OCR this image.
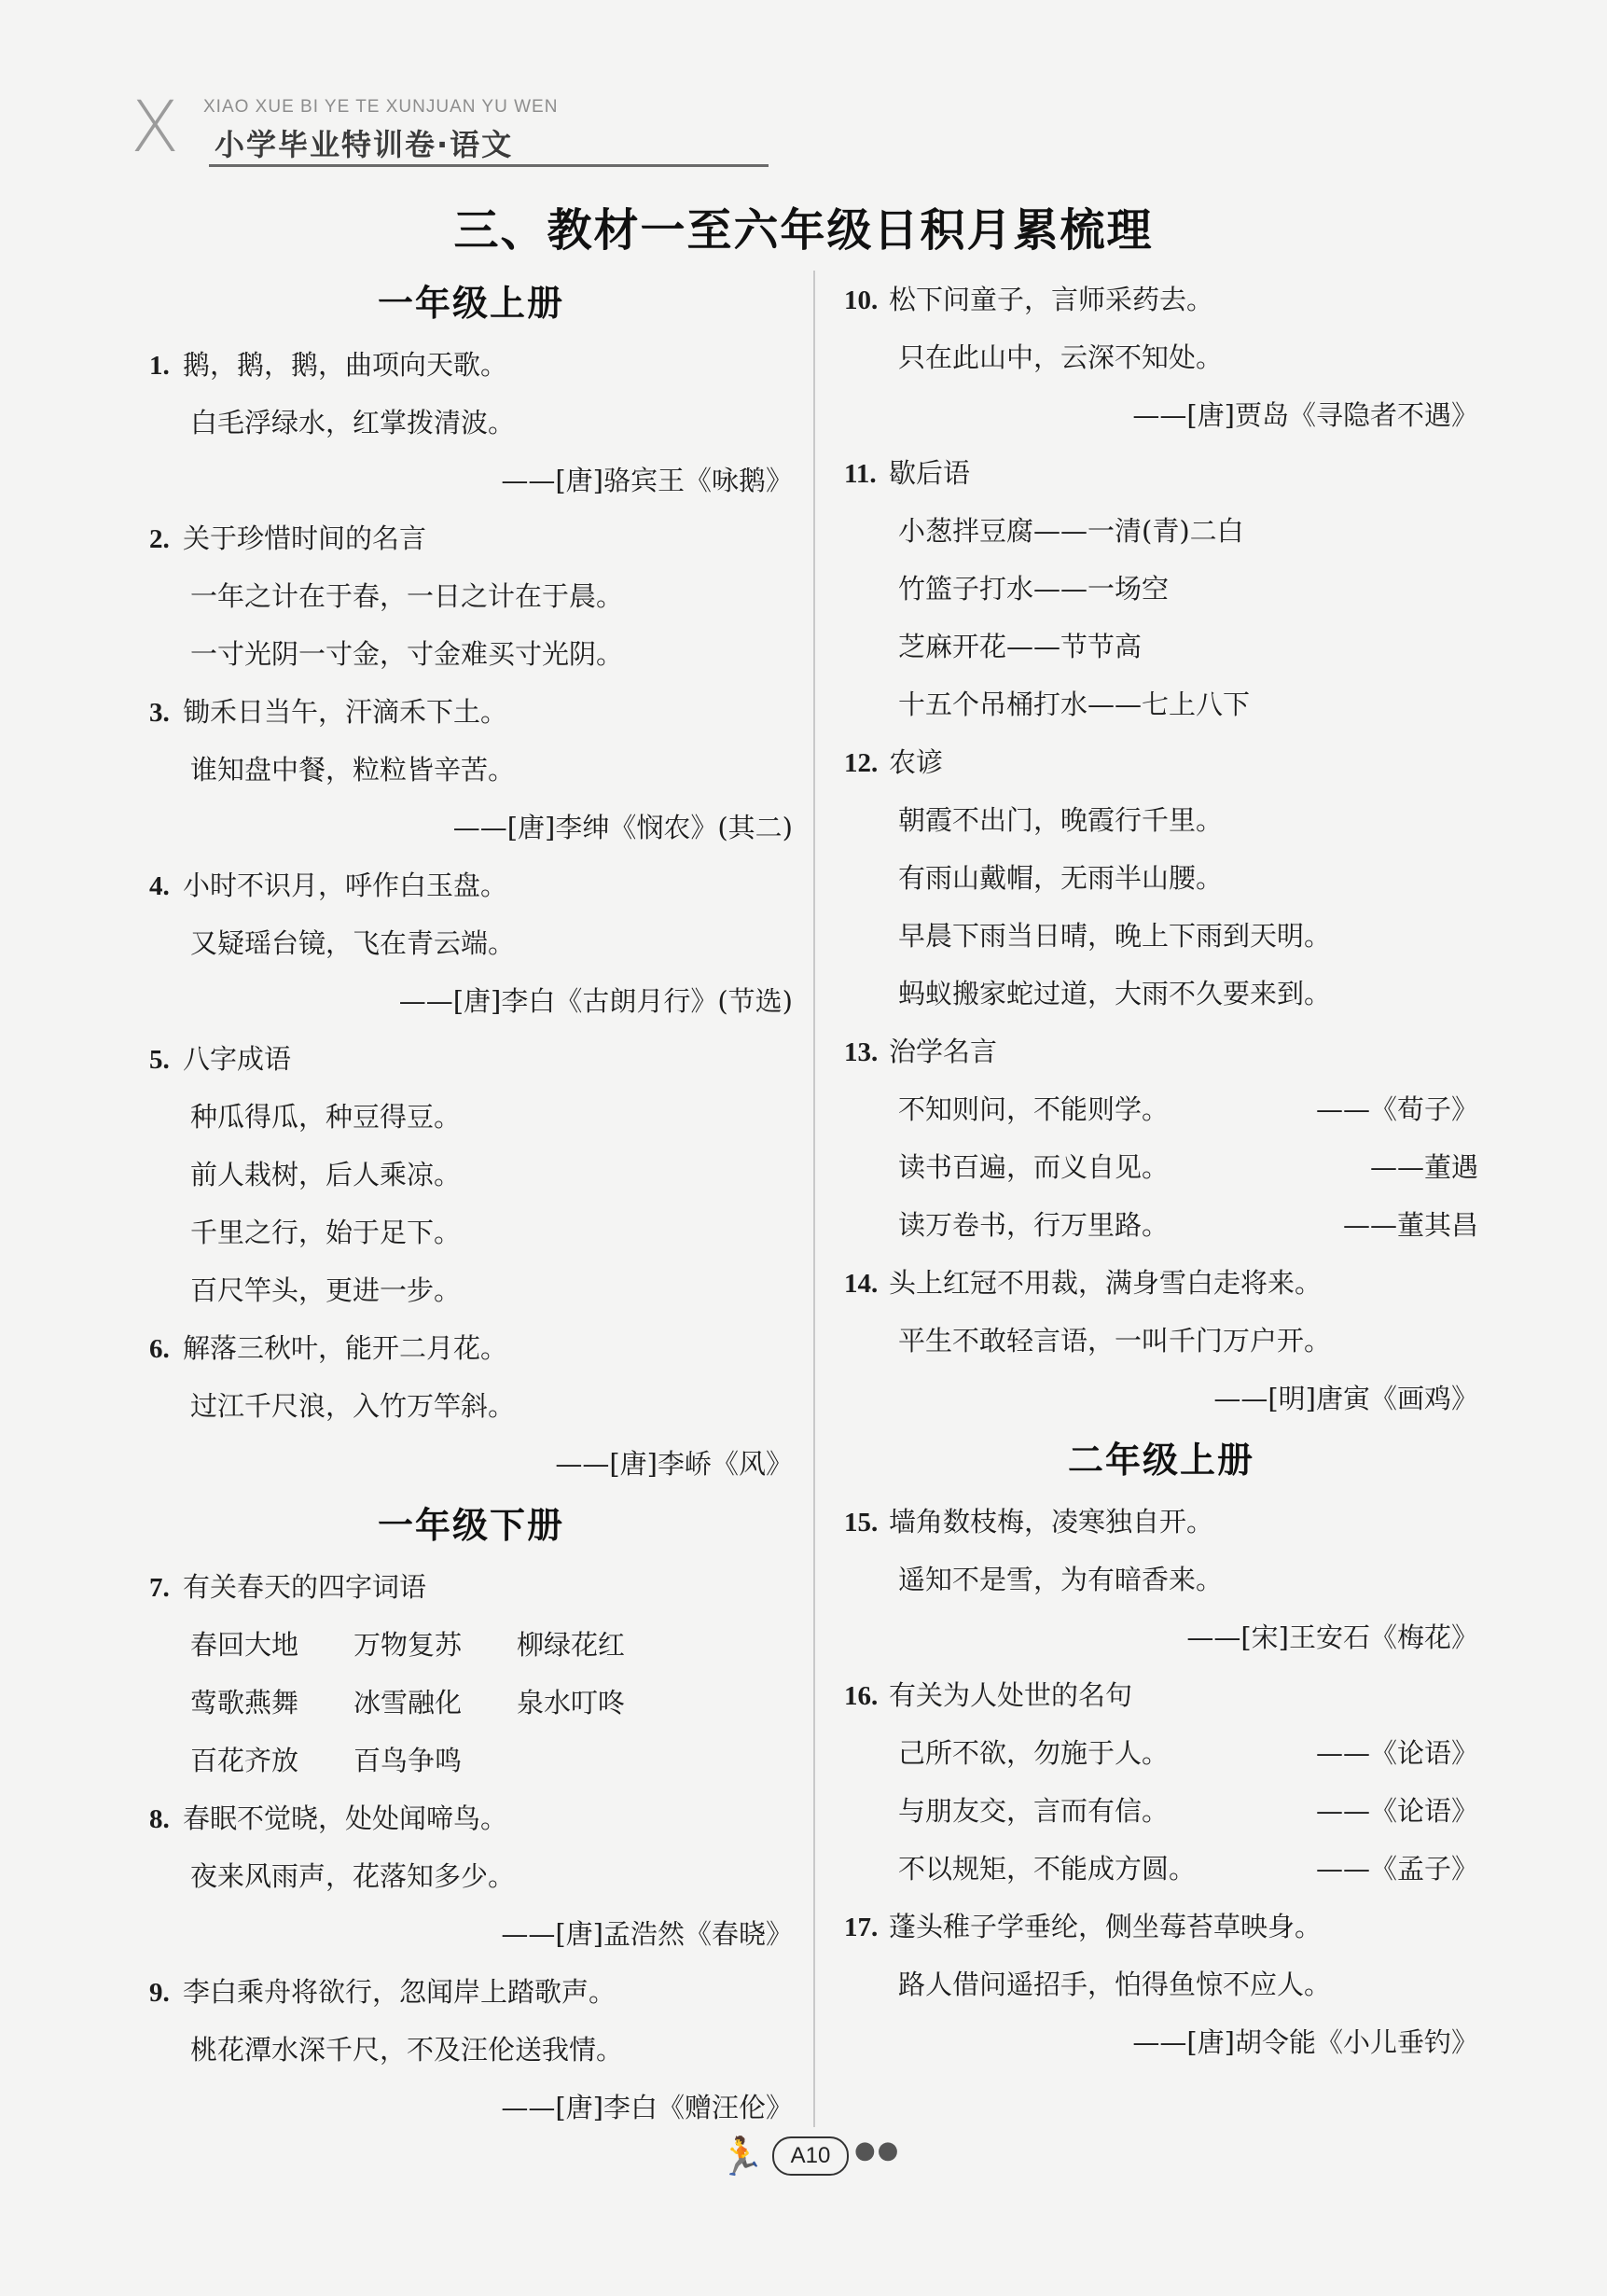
X XIAO XUE BI YE TE XUNJUAN YU WEN
小学毕业特训卷·语文
三、教材一至六年级日积月累梳理
一年级上册
1. 鹅，鹅，鹅，曲项向天歌。
白毛浮绿水，红掌拨清波。
——[唐]骆宾王《咏鹅》
2. 关于珍惜时间的名言
一年之计在于春，一日之计在于晨。
一寸光阴一寸金，寸金难买寸光阴。
3. 锄禾日当午，汗滴禾下土。
谁知盘中餐，粒粒皆辛苦。
——[唐]李绅《悯农》(其二)
4. 小时不识月，呼作白玉盘。
又疑瑶台镜，飞在青云端。
——[唐]李白《古朗月行》(节选)
5. 八字成语
种瓜得瓜，种豆得豆。
前人栽树，后人乘凉。
千里之行，始于足下。
百尺竿头，更进一步。
6. 解落三秋叶，能开二月花。
过江千尺浪，入竹万竿斜。
——[唐]李峤《风》
一年级下册
7. 有关春天的四字词语
春回大地 万物复苏 柳绿花红
莺歌燕舞 冰雪融化 泉水叮咚
百花齐放 百鸟争鸣
8. 春眠不觉晓，处处闻啼鸟。
夜来风雨声，花落知多少。
——[唐]孟浩然《春晓》
9. 李白乘舟将欲行，忽闻岸上踏歌声。
桃花潭水深千尺，不及汪伦送我情。
——[唐]李白《赠汪伦》
10. 松下问童子，言师采药去。
只在此山中，云深不知处。
——[唐]贾岛《寻隐者不遇》
11. 歇后语
小葱拌豆腐——一清(青)二白
竹篮子打水——一场空
芝麻开花——节节高
十五个吊桶打水——七上八下
12. 农谚
朝霞不出门，晚霞行千里。
有雨山戴帽，无雨半山腰。
早晨下雨当日晴，晚上下雨到天明。
蚂蚁搬家蛇过道，大雨不久要来到。
13. 治学名言
不知则问，不能则学。	——《荀子》
读书百遍，而义自见。	——董遇
读万卷书，行万里路。	——董其昌
14. 头上红冠不用裁，满身雪白走将来。
平生不敢轻言语，一叫千门万户开。
——[明]唐寅《画鸡》
二年级上册
15. 墙角数枝梅，凌寒独自开。
遥知不是雪，为有暗香来。
——[宋]王安石《梅花》
16. 有关为人处世的名句
己所不欲，勿施于人。	——《论语》
与朋友交，言而有信。	——《论语》
不以规矩，不能成方圆。	——《孟子》
17. 蓬头稚子学垂纶，侧坐莓苔草映身。
路人借问遥招手，怕得鱼惊不应人。
——[唐]胡令能《小儿垂钓》
🏃	A10 ●●
